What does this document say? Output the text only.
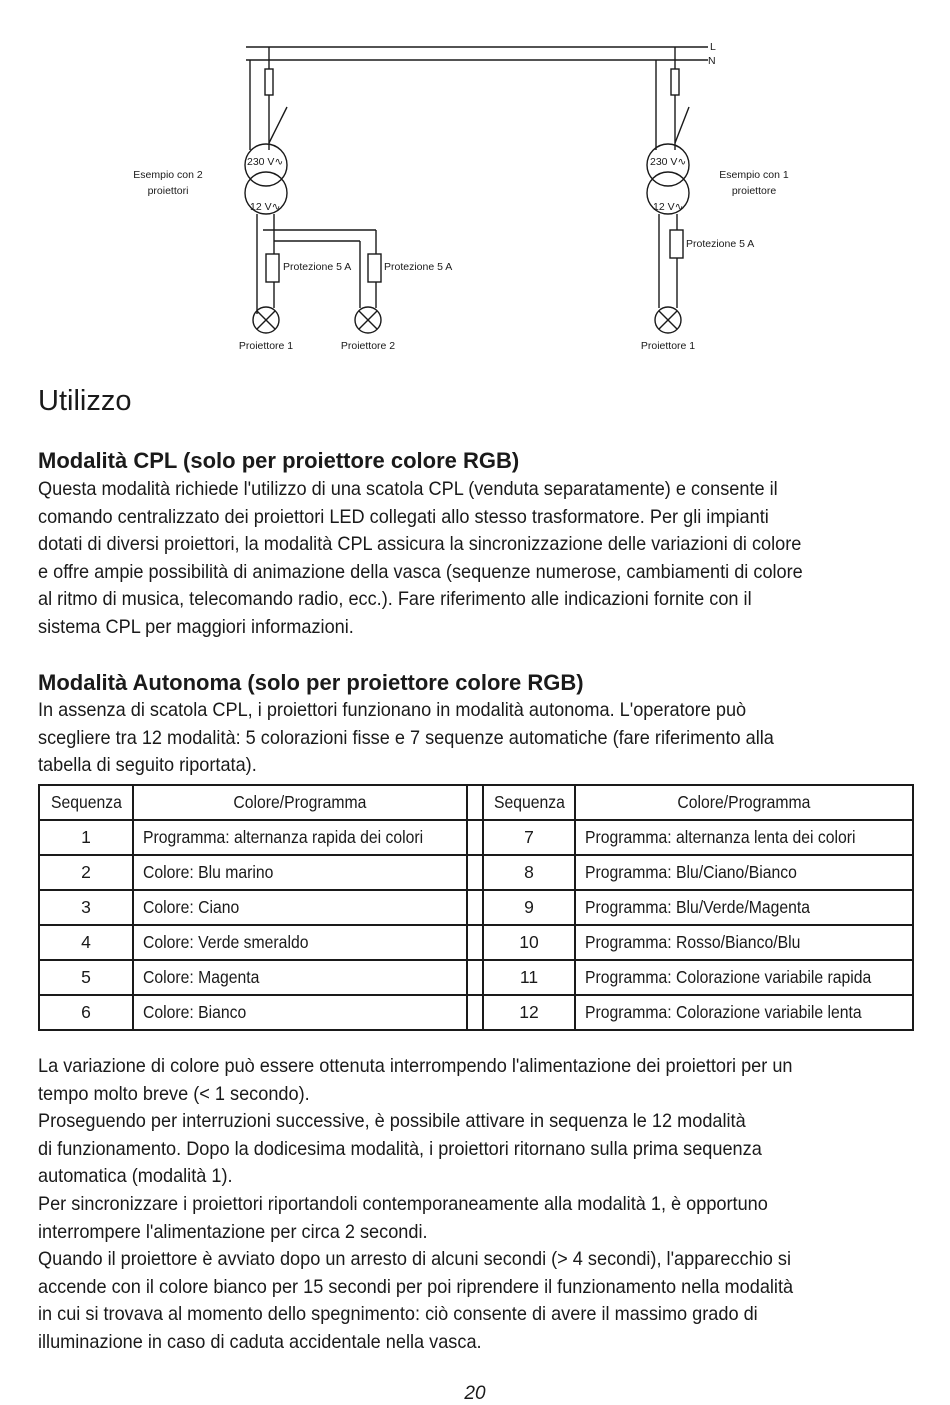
L
N
Esempio con 2
proiettori
Esempio con 1
proiettore
230 V∿
12 V∿
230 V∿
12 V∿
Protezione 5 A	Protezione 5 A
Protezione 5 A
Proiettore 1	Proiettore 2	Proiettore 1
Utilizzo
Modalità CPL (solo per proiettore colore RGB)
Questa modalità richiede l'utilizzo di una scatola CPL (venduta separatamente) e consente il
comando centralizzato dei proiettori LED collegati allo stesso trasformatore. Per gli impianti
dotati di diversi proiettori, la modalità CPL assicura la sincronizzazione delle variazioni di colore
e offre ampie possibilità di animazione della vasca (sequenze numerose, cambiamenti di colore
al ritmo di musica, telecomando radio, ecc.). Fare riferimento alle indicazioni fornite con il
sistema CPL per maggiori informazioni.
Modalità Autonoma (solo per proiettore colore RGB)
In assenza di scatola CPL, i proiettori funzionano in modalità autonoma. L'operatore può
scegliere tra 12 modalità: 5 colorazioni fisse e 7 sequenze automatiche (fare riferimento alla
tabella di seguito riportata).
Sequenza	Colore/Programma		Sequenza	Colore/Programma
1	Programma: alternanza rapida dei colori		7	Programma: alternanza lenta dei colori
2	Colore: Blu marino		8	Programma: Blu/Ciano/Bianco
3	Colore: Ciano		9	Programma: Blu/Verde/Magenta
4	Colore: Verde smeraldo		10	Programma: Rosso/Bianco/Blu
5	Colore: Magenta		11	Programma: Colorazione variabile rapida
6	Colore: Bianco		12	Programma: Colorazione variabile lenta
La variazione di colore può essere ottenuta interrompendo l'alimentazione dei proiettori per un
tempo molto breve (< 1 secondo).
Proseguendo per interruzioni successive, è possibile attivare in sequenza le 12 modalità
di funzionamento. Dopo la dodicesima modalità, i proiettori ritornano sulla prima sequenza
automatica (modalità 1).
Per sincronizzare i proiettori riportandoli contemporaneamente alla modalità 1, è opportuno
interrompere l'alimentazione per circa 2 secondi.
Quando il proiettore è avviato dopo un arresto di alcuni secondi (> 4 secondi), l'apparecchio si
accende con il colore bianco per 15 secondi per poi riprendere il funzionamento nella modalità
in cui si trovava al momento dello spegnimento: ciò consente di avere il massimo grado di
illuminazione in caso di caduta accidentale nella vasca.
20
